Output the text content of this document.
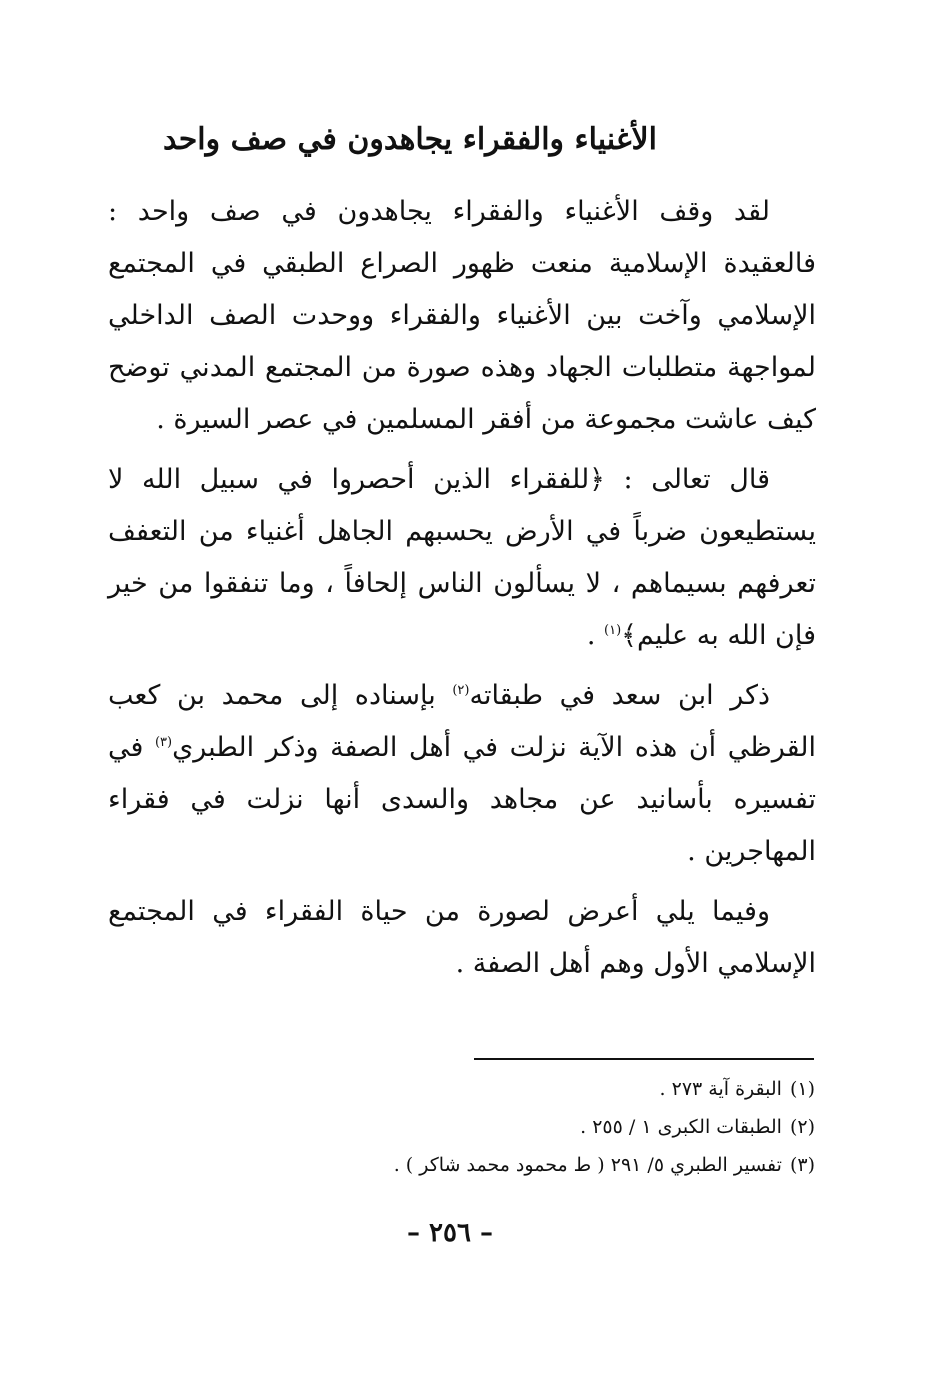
الأغنياء والفقراء يجاهدون في صف واحد

لقد وقف الأغنياء والفقراء يجاهدون في صف واحد : فالعقيدة الإسلامية منعت ظهور الصراع الطبقي في المجتمع الإسلامي وآخت بين الأغنياء والفقراء ووحدت الصف الداخلي لمواجهة متطلبات الجهاد وهذه صورة من المجتمع المدني توضح كيف عاشت مجموعة من أفقر المسلمين في عصر السيرة .

قال تعالى : ﴿للفقراء الذين أحصروا في سبيل الله لا يستطيعون ضرباً في الأرض يحسبهم الجاهل أغنياء من التعفف تعرفهم بسيماهم ، لا يسألون الناس إلحافاً ، وما تنفقوا من خير فإن الله به عليم﴾$^{(١)}$ .

ذكر ابن سعد في طبقاته$^{(٢)}$ بإسناده إلى محمد بن كعب القرظي أن هذه الآية نزلت في أهل الصفة وذكر الطبري$^{(٣)}$ في تفسيره بأسانيد عن مجاهد والسدى أنها نزلت في فقراء المهاجرين .

وفيما يلي أعرض لصورة من حياة الفقراء في المجتمع الإسلامي الأول وهم أهل الصفة .

(١)البقرة آية ٢٧٣ .
(٢)الطبقات الكبرى ١ / ٢٥٥ .
(٣)تفسير الطبري ٥/ ٢٩١ ( ط محمود محمد شاكر ) .
– ٢٥٦ –
